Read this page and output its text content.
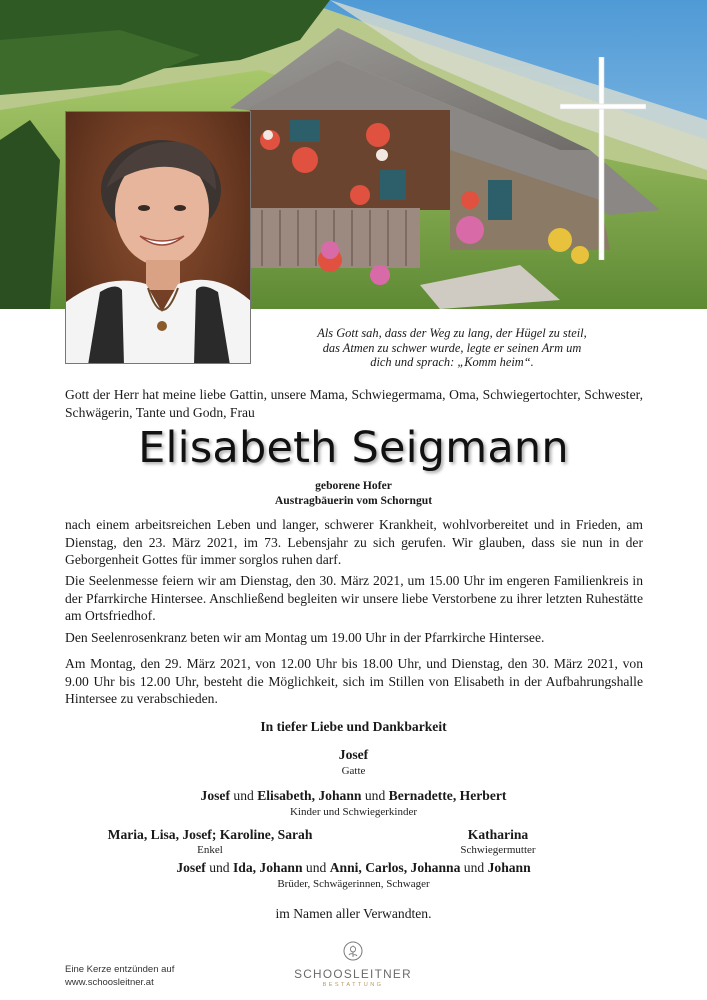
Als Gott sah, dass der Weg zu lang, der Hügel zu steil,
das Atmen zu schwer wurde, legte er seinen Arm um
dich und sprach: „Komm heim“.
Gott der Herr hat meine liebe Gattin, unsere Mama, Schwiegermama, Oma, Schwiegertochter, Schwester, Schwägerin, Tante und Godn, Frau
Elisabeth Seigmann
geborene Hofer
Austragbäuerin vom Schorngut
nach einem arbeitsreichen Leben und langer, schwerer Krankheit, wohlvorbereitet und in Frieden, am Dienstag, den 23. März 2021, im 73. Lebensjahr zu sich gerufen. Wir glauben, dass sie nun in der Geborgenheit Gottes für immer sorglos ruhen darf.
Die Seelenmesse feiern wir am Dienstag, den 30. März 2021, um 15.00 Uhr im engeren Familienkreis in der Pfarrkirche Hintersee. Anschließend begleiten wir unsere liebe Verstorbene zu ihrer letzten Ruhestätte am Ortsfriedhof.
Den Seelenrosenkranz beten wir am Montag um 19.00 Uhr in der Pfarrkirche Hintersee.
Am Montag, den 29. März 2021, von 12.00 Uhr bis 18.00 Uhr, und Dienstag, den 30. März 2021, von 9.00 Uhr bis 12.00 Uhr, besteht die Möglichkeit, sich im Stillen von Elisabeth in der Aufbahrungshalle Hintersee zu verabschieden.
In tiefer Liebe und Dankbarkeit
Josef
Gatte
Josef und Elisabeth, Johann und Bernadette, Herbert
Kinder und Schwiegerkinder
Maria, Lisa, Josef; Karoline, Sarah
Enkel
Katharina
Schwiegermutter
Josef und Ida, Johann und Anni, Carlos, Johanna und Johann
Brüder, Schwägerinnen, Schwager
im Namen aller Verwandten.
Eine Kerze entzünden auf
www.schoosleitner.at
SCHOOSLEITNER
BESTATTUNG
